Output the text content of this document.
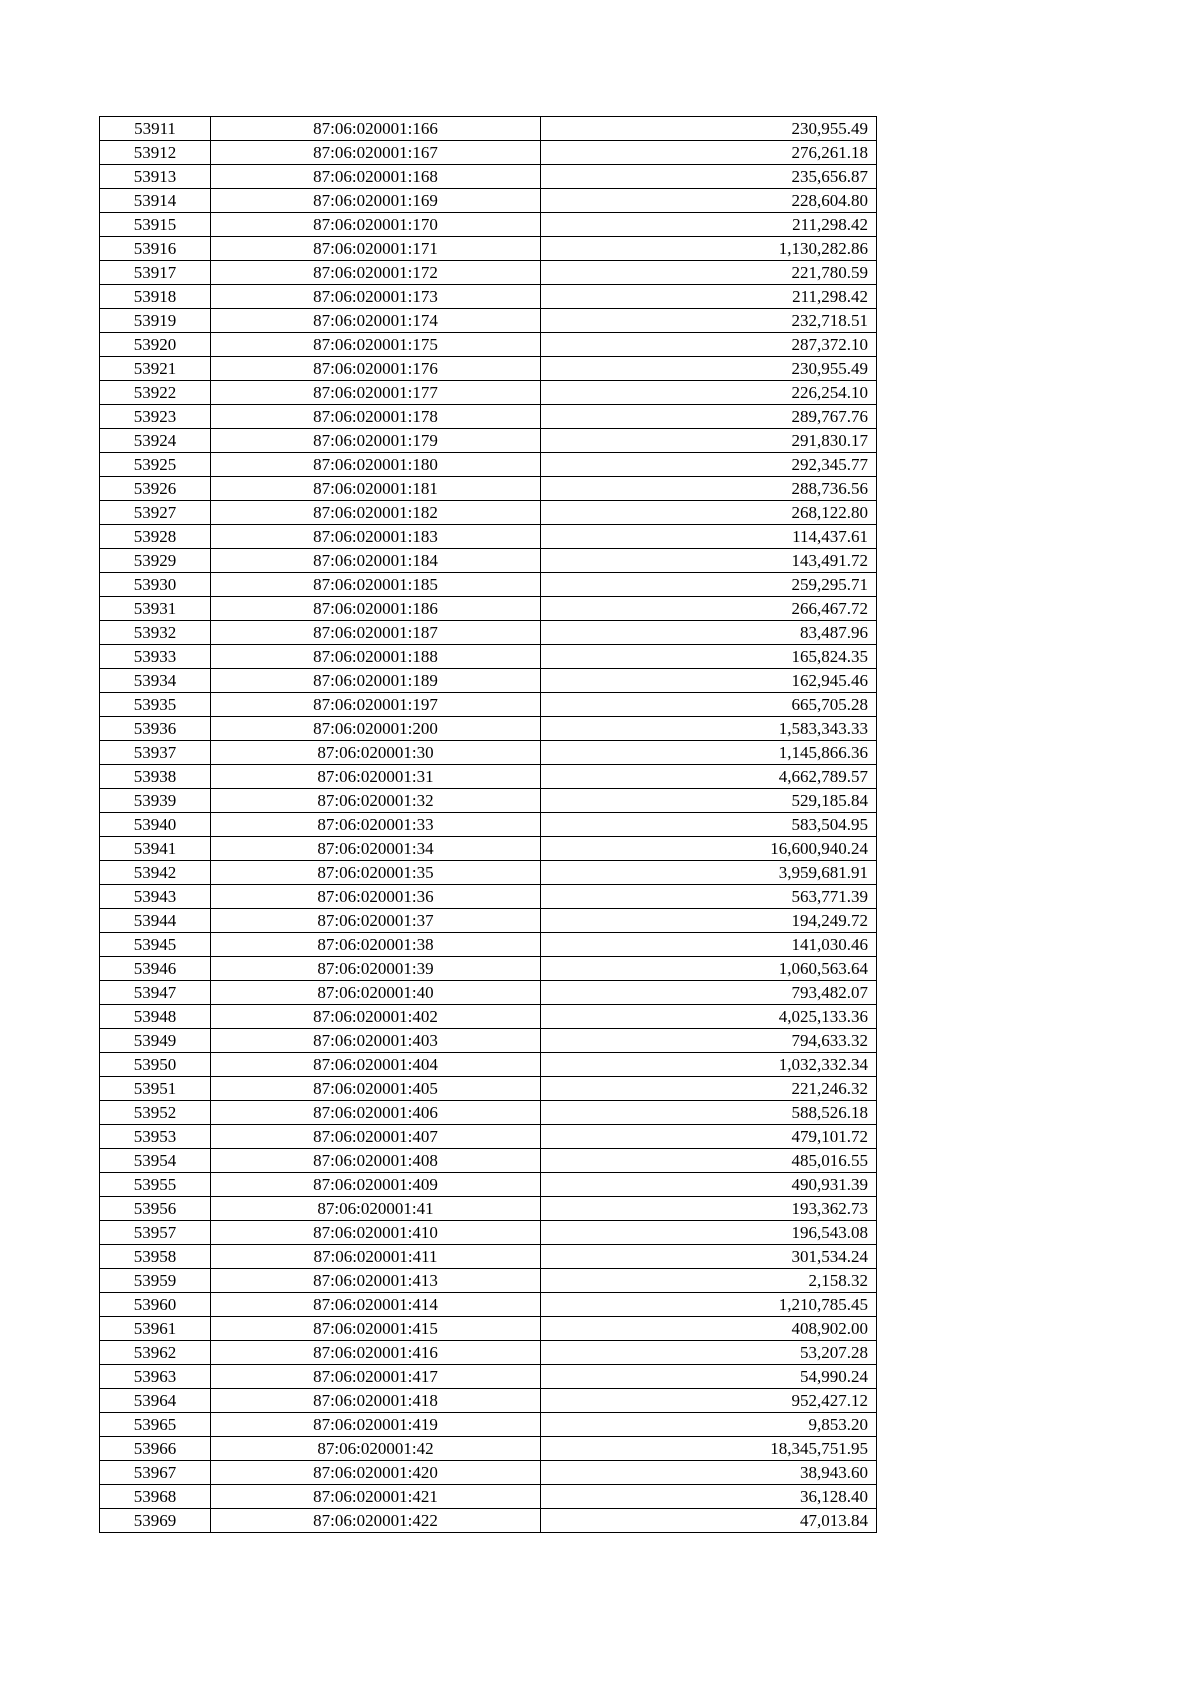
53911	87:06:020001:166	230,955.49
53912	87:06:020001:167	276,261.18
53913	87:06:020001:168	235,656.87
53914	87:06:020001:169	228,604.80
53915	87:06:020001:170	211,298.42
53916	87:06:020001:171	1,130,282.86
53917	87:06:020001:172	221,780.59
53918	87:06:020001:173	211,298.42
53919	87:06:020001:174	232,718.51
53920	87:06:020001:175	287,372.10
53921	87:06:020001:176	230,955.49
53922	87:06:020001:177	226,254.10
53923	87:06:020001:178	289,767.76
53924	87:06:020001:179	291,830.17
53925	87:06:020001:180	292,345.77
53926	87:06:020001:181	288,736.56
53927	87:06:020001:182	268,122.80
53928	87:06:020001:183	114,437.61
53929	87:06:020001:184	143,491.72
53930	87:06:020001:185	259,295.71
53931	87:06:020001:186	266,467.72
53932	87:06:020001:187	83,487.96
53933	87:06:020001:188	165,824.35
53934	87:06:020001:189	162,945.46
53935	87:06:020001:197	665,705.28
53936	87:06:020001:200	1,583,343.33
53937	87:06:020001:30	1,145,866.36
53938	87:06:020001:31	4,662,789.57
53939	87:06:020001:32	529,185.84
53940	87:06:020001:33	583,504.95
53941	87:06:020001:34	16,600,940.24
53942	87:06:020001:35	3,959,681.91
53943	87:06:020001:36	563,771.39
53944	87:06:020001:37	194,249.72
53945	87:06:020001:38	141,030.46
53946	87:06:020001:39	1,060,563.64
53947	87:06:020001:40	793,482.07
53948	87:06:020001:402	4,025,133.36
53949	87:06:020001:403	794,633.32
53950	87:06:020001:404	1,032,332.34
53951	87:06:020001:405	221,246.32
53952	87:06:020001:406	588,526.18
53953	87:06:020001:407	479,101.72
53954	87:06:020001:408	485,016.55
53955	87:06:020001:409	490,931.39
53956	87:06:020001:41	193,362.73
53957	87:06:020001:410	196,543.08
53958	87:06:020001:411	301,534.24
53959	87:06:020001:413	2,158.32
53960	87:06:020001:414	1,210,785.45
53961	87:06:020001:415	408,902.00
53962	87:06:020001:416	53,207.28
53963	87:06:020001:417	54,990.24
53964	87:06:020001:418	952,427.12
53965	87:06:020001:419	9,853.20
53966	87:06:020001:42	18,345,751.95
53967	87:06:020001:420	38,943.60
53968	87:06:020001:421	36,128.40
53969	87:06:020001:422	47,013.84
